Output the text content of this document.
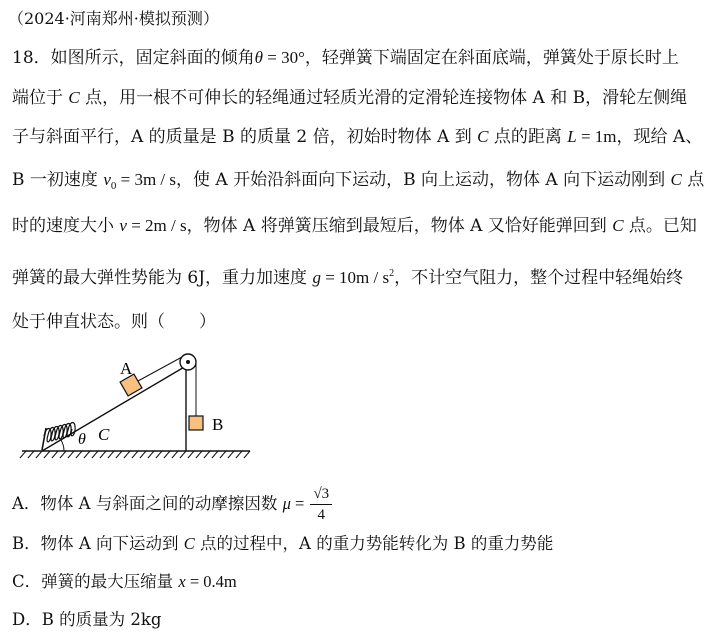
（2024·河南郑州·模拟预测）
18．如图所示，固定斜面的倾角θ = 30°，轻弹簧下端固定在斜面底端，弹簧处于原长时上
端位于 C 点，用一根不可伸长的轻绳通过轻质光滑的定滑轮连接物体 A 和 B，滑轮左侧绳
子与斜面平行，A 的质量是 B 的质量 2 倍，初始时物体 A 到 C 点的距离 L = 1m，现给 A、
B 一初速度 $v_0 = 3m / s$，使 A 开始沿斜面向下运动，B 向上运动，物体 A 向下运动刚到 C 点
时的速度大小 v = 2m / s，物体 A 将弹簧压缩到最短后，物体 A 又恰好能弹回到 C 点。已知
弹簧的最大弹性势能为 6J，重力加速度 $g = 10m / s^2$，不计空气阻力，整个过程中轻绳始终
处于伸直状态。则（　　）
A
B
C
θ
A．物体 A 与斜面之间的动摩擦因数 $\mu = \frac{√3}{4}$
B．物体 A 向下运动到 C 点的过程中，A 的重力势能转化为 B 的重力势能
C．弹簧的最大压缩量 x = 0.4m
D．B 的质量为 2kg
